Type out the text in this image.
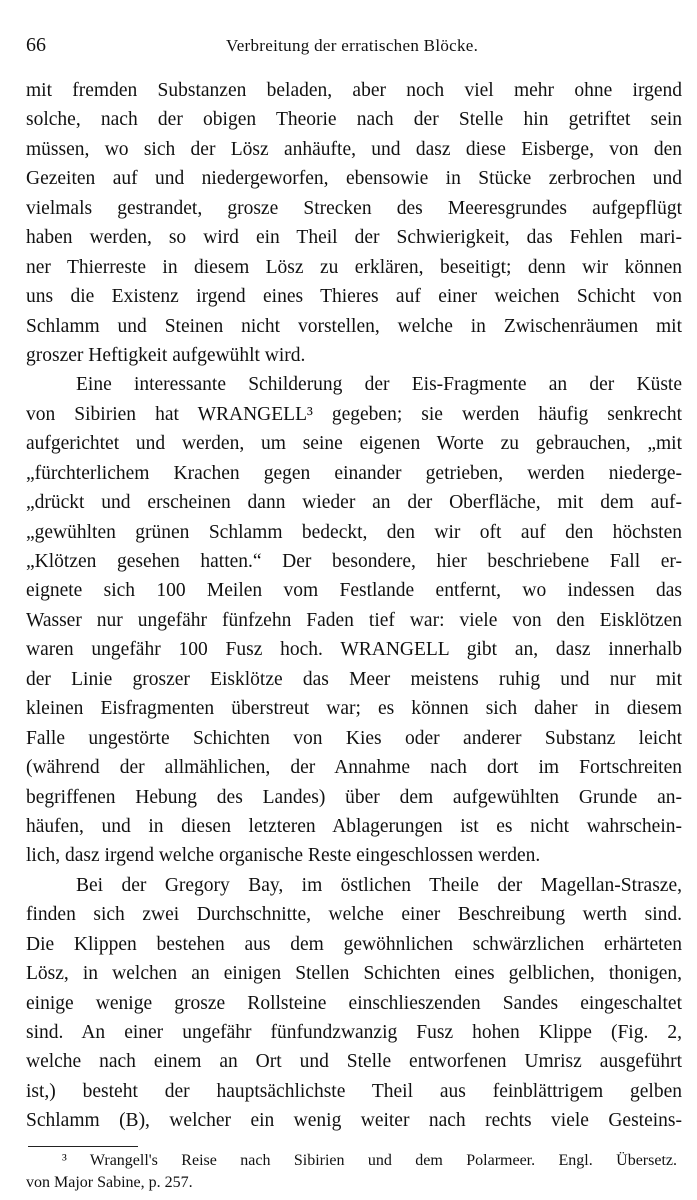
66	Verbreitung der erratischen Blöcke.
mit fremden Substanzen beladen, aber noch viel mehr ohne irgend
solche, nach der obigen Theorie nach der Stelle hin getriftet sein
müssen, wo sich der Lösz anhäufte, und dasz diese Eisberge, von den
Gezeiten auf und niedergeworfen, ebensowie in Stücke zerbrochen und
vielmals gestrandet, grosze Strecken des Meeresgrundes aufgepflügt
haben werden, so wird ein Theil der Schwierigkeit, das Fehlen mari-
ner Thierreste in diesem Lösz zu erklären, beseitigt; denn wir können
uns die Existenz irgend eines Thieres auf einer weichen Schicht von
Schlamm und Steinen nicht vorstellen, welche in Zwischenräumen mit
groszer Heftigkeit aufgewühlt wird.
Eine interessante Schilderung der Eis-Fragmente an der Küste
von Sibirien hat WRANGELL³ gegeben; sie werden häufig senkrecht
aufgerichtet und werden, um seine eigenen Worte zu gebrauchen, „mit
„fürchterlichem Krachen gegen einander getrieben, werden niederge-
„drückt und erscheinen dann wieder an der Oberfläche, mit dem auf-
„gewühlten grünen Schlamm bedeckt, den wir oft auf den höchsten
„Klötzen gesehen hatten.“ Der besondere, hier beschriebene Fall er-
eignete sich 100 Meilen vom Festlande entfernt, wo indessen das
Wasser nur ungefähr fünfzehn Faden tief war: viele von den Eisklötzen
waren ungefähr 100 Fusz hoch. WRANGELL gibt an, dasz innerhalb
der Linie groszer Eisklötze das Meer meistens ruhig und nur mit
kleinen Eisfragmenten überstreut war; es können sich daher in diesem
Falle ungestörte Schichten von Kies oder anderer Substanz leicht
(während der allmählichen, der Annahme nach dort im Fortschreiten
begriffenen Hebung des Landes) über dem aufgewühlten Grunde an-
häufen, und in diesen letzteren Ablagerungen ist es nicht wahrschein-
lich, dasz irgend welche organische Reste eingeschlossen werden.
Bei der Gregory Bay, im östlichen Theile der Magellan-Strasze,
finden sich zwei Durchschnitte, welche einer Beschreibung werth sind.
Die Klippen bestehen aus dem gewöhnlichen schwärzlichen erhärteten
Lösz, in welchen an einigen Stellen Schichten eines gelblichen, thonigen,
einige wenige grosze Rollsteine einschlieszenden Sandes eingeschaltet
sind. An einer ungefähr fünfundzwanzig Fusz hohen Klippe (Fig. 2,
welche nach einem an Ort und Stelle entworfenen Umrisz ausgeführt
ist,) besteht der hauptsächlichste Theil aus feinblättrigem gelben
Schlamm (B), welcher ein wenig weiter nach rechts viele Gesteins-
³ Wrangell's Reise nach Sibirien und dem Polarmeer. Engl. Übersetz.
von Major Sabine, p. 257.
